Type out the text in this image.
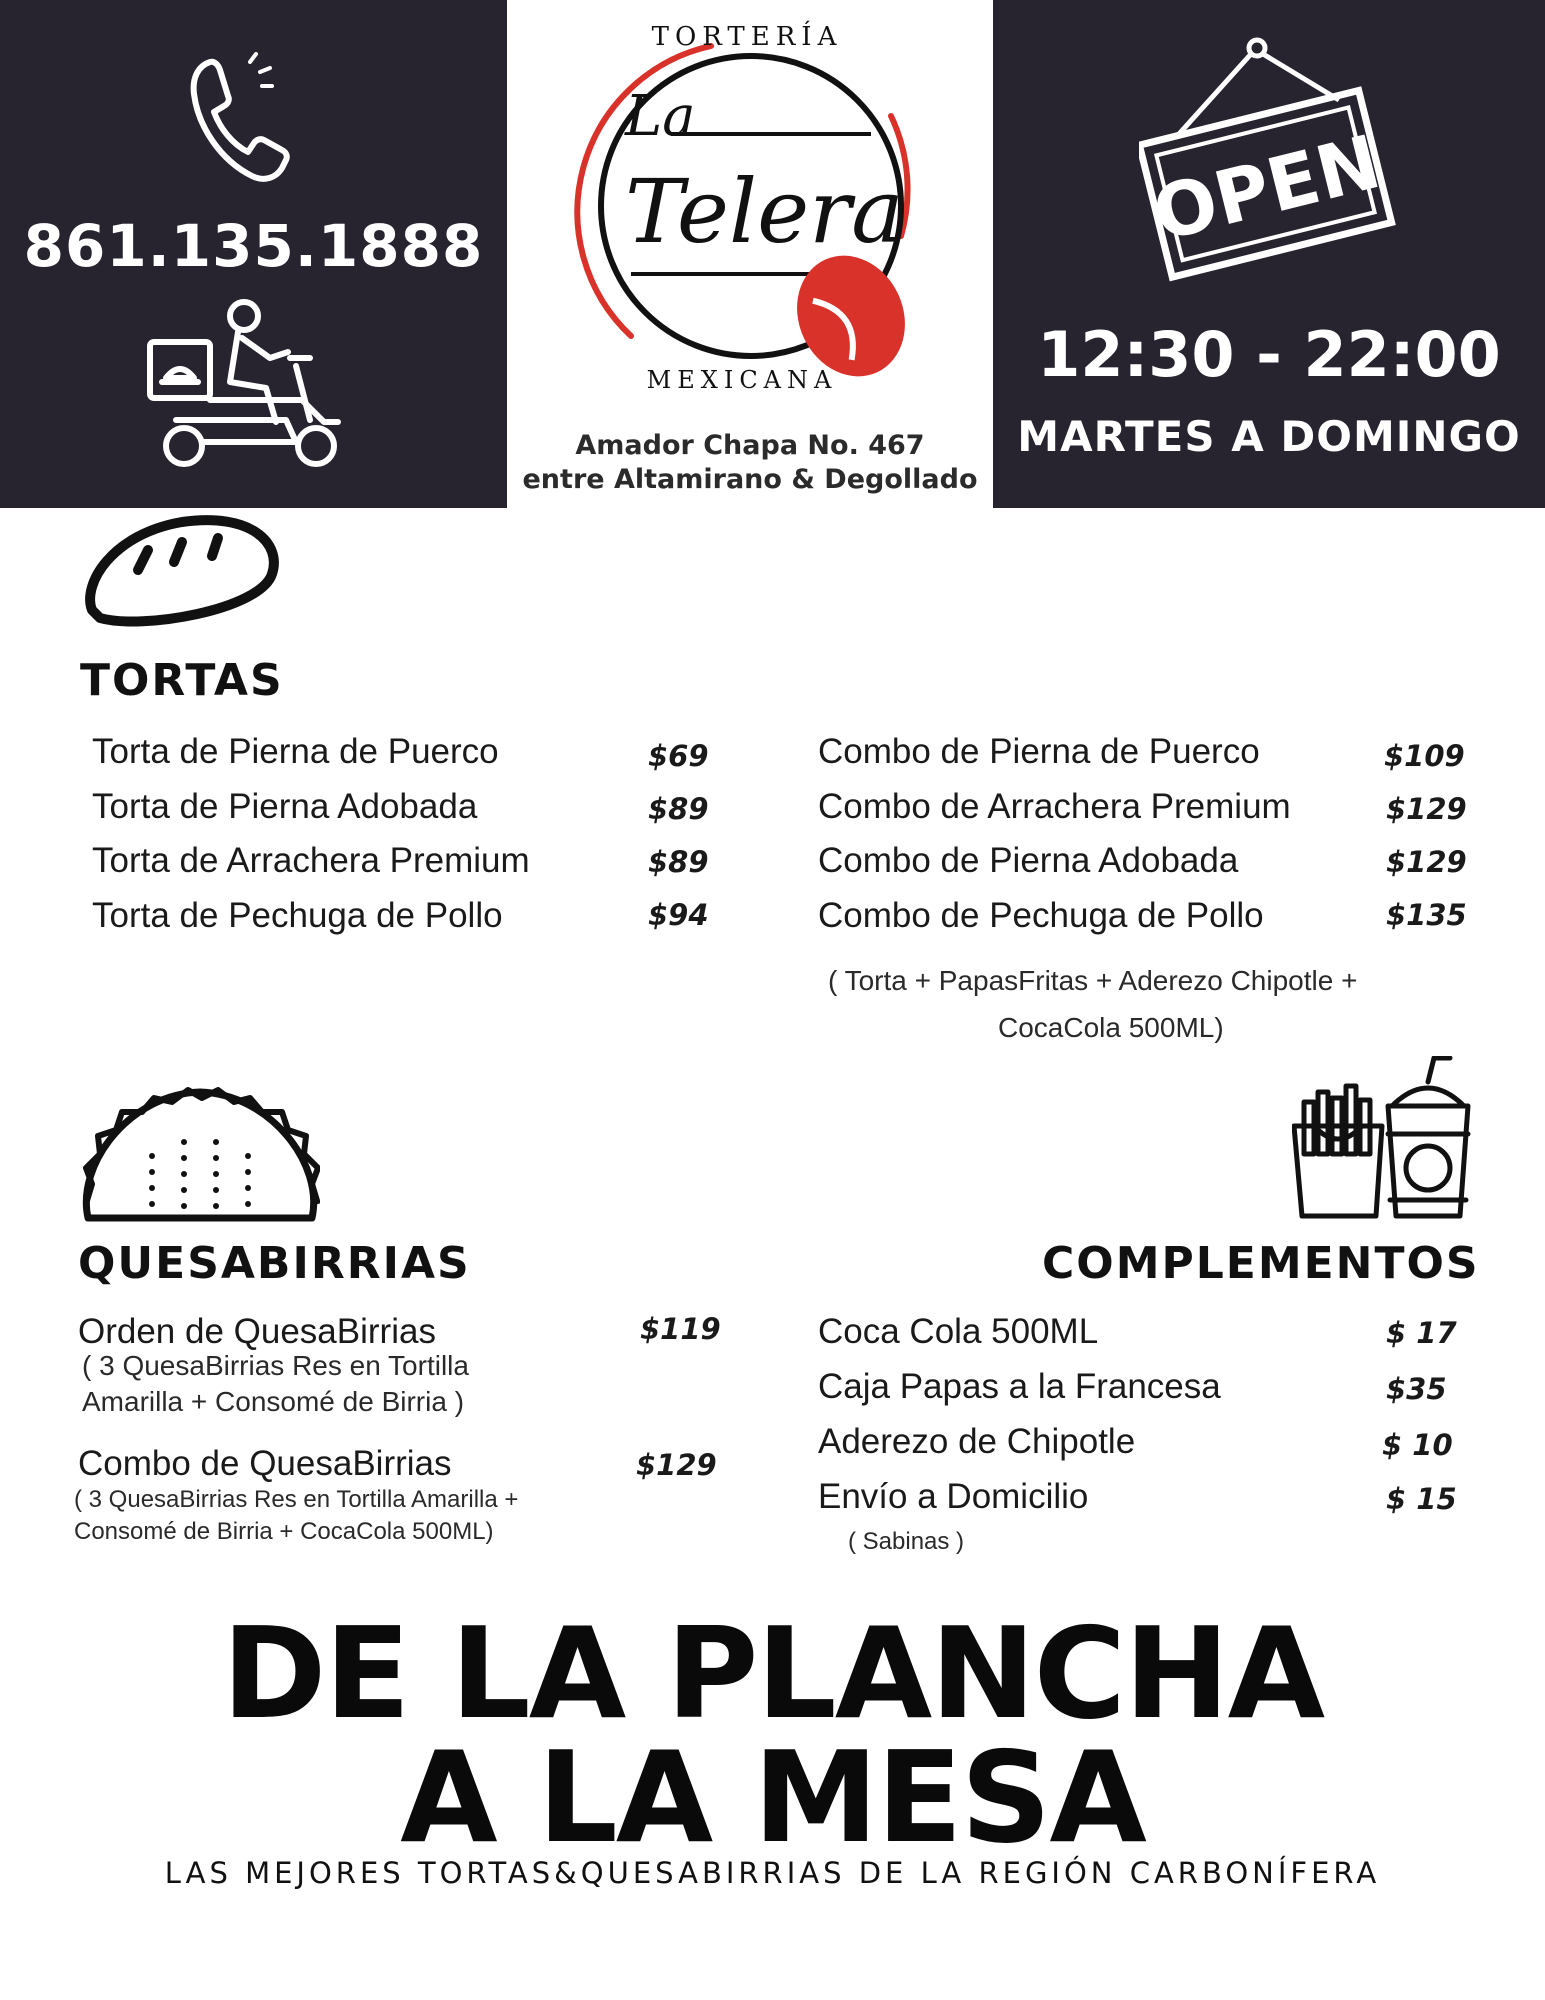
861.135.1888
TORTERÍA
La
Telera
MEXICANA
Amador Chapa No. 467
entre Altamirano & Degollado
OPEN
12:30 - 22:00
MARTES A DOMINGO
TORTAS
Torta de Pierna de Puerco	$69
Torta de Pierna Adobada	$89
Torta de Arrachera Premium	$89
Torta de Pechuga de Pollo	$94
Combo de Pierna de Puerco	$109
Combo de Arrachera Premium	$129
Combo de Pierna Adobada	$129
Combo de Pechuga de Pollo	$135
( Torta + PapasFritas + Aderezo Chipotle +
CocaCola 500ML)
QUESABIRRIAS
Orden de QuesaBirrias	$119
( 3 QuesaBirrias Res en Tortilla
Amarilla + Consomé de Birria )
Combo de QuesaBirrias	$129
( 3 QuesaBirrias Res en Tortilla Amarilla +
Consomé de Birria + CocaCola 500ML)
COMPLEMENTOS
Coca Cola 500ML	$ 17
Caja Papas a la Francesa	$35
Aderezo de Chipotle	$ 10
Envío a Domicilio	$ 15
( Sabinas )
DE LA PLANCHA
A LA MESA
LAS MEJORES TORTAS&QUESABIRRIAS DE LA REGIÓN CARBONÍFERA
